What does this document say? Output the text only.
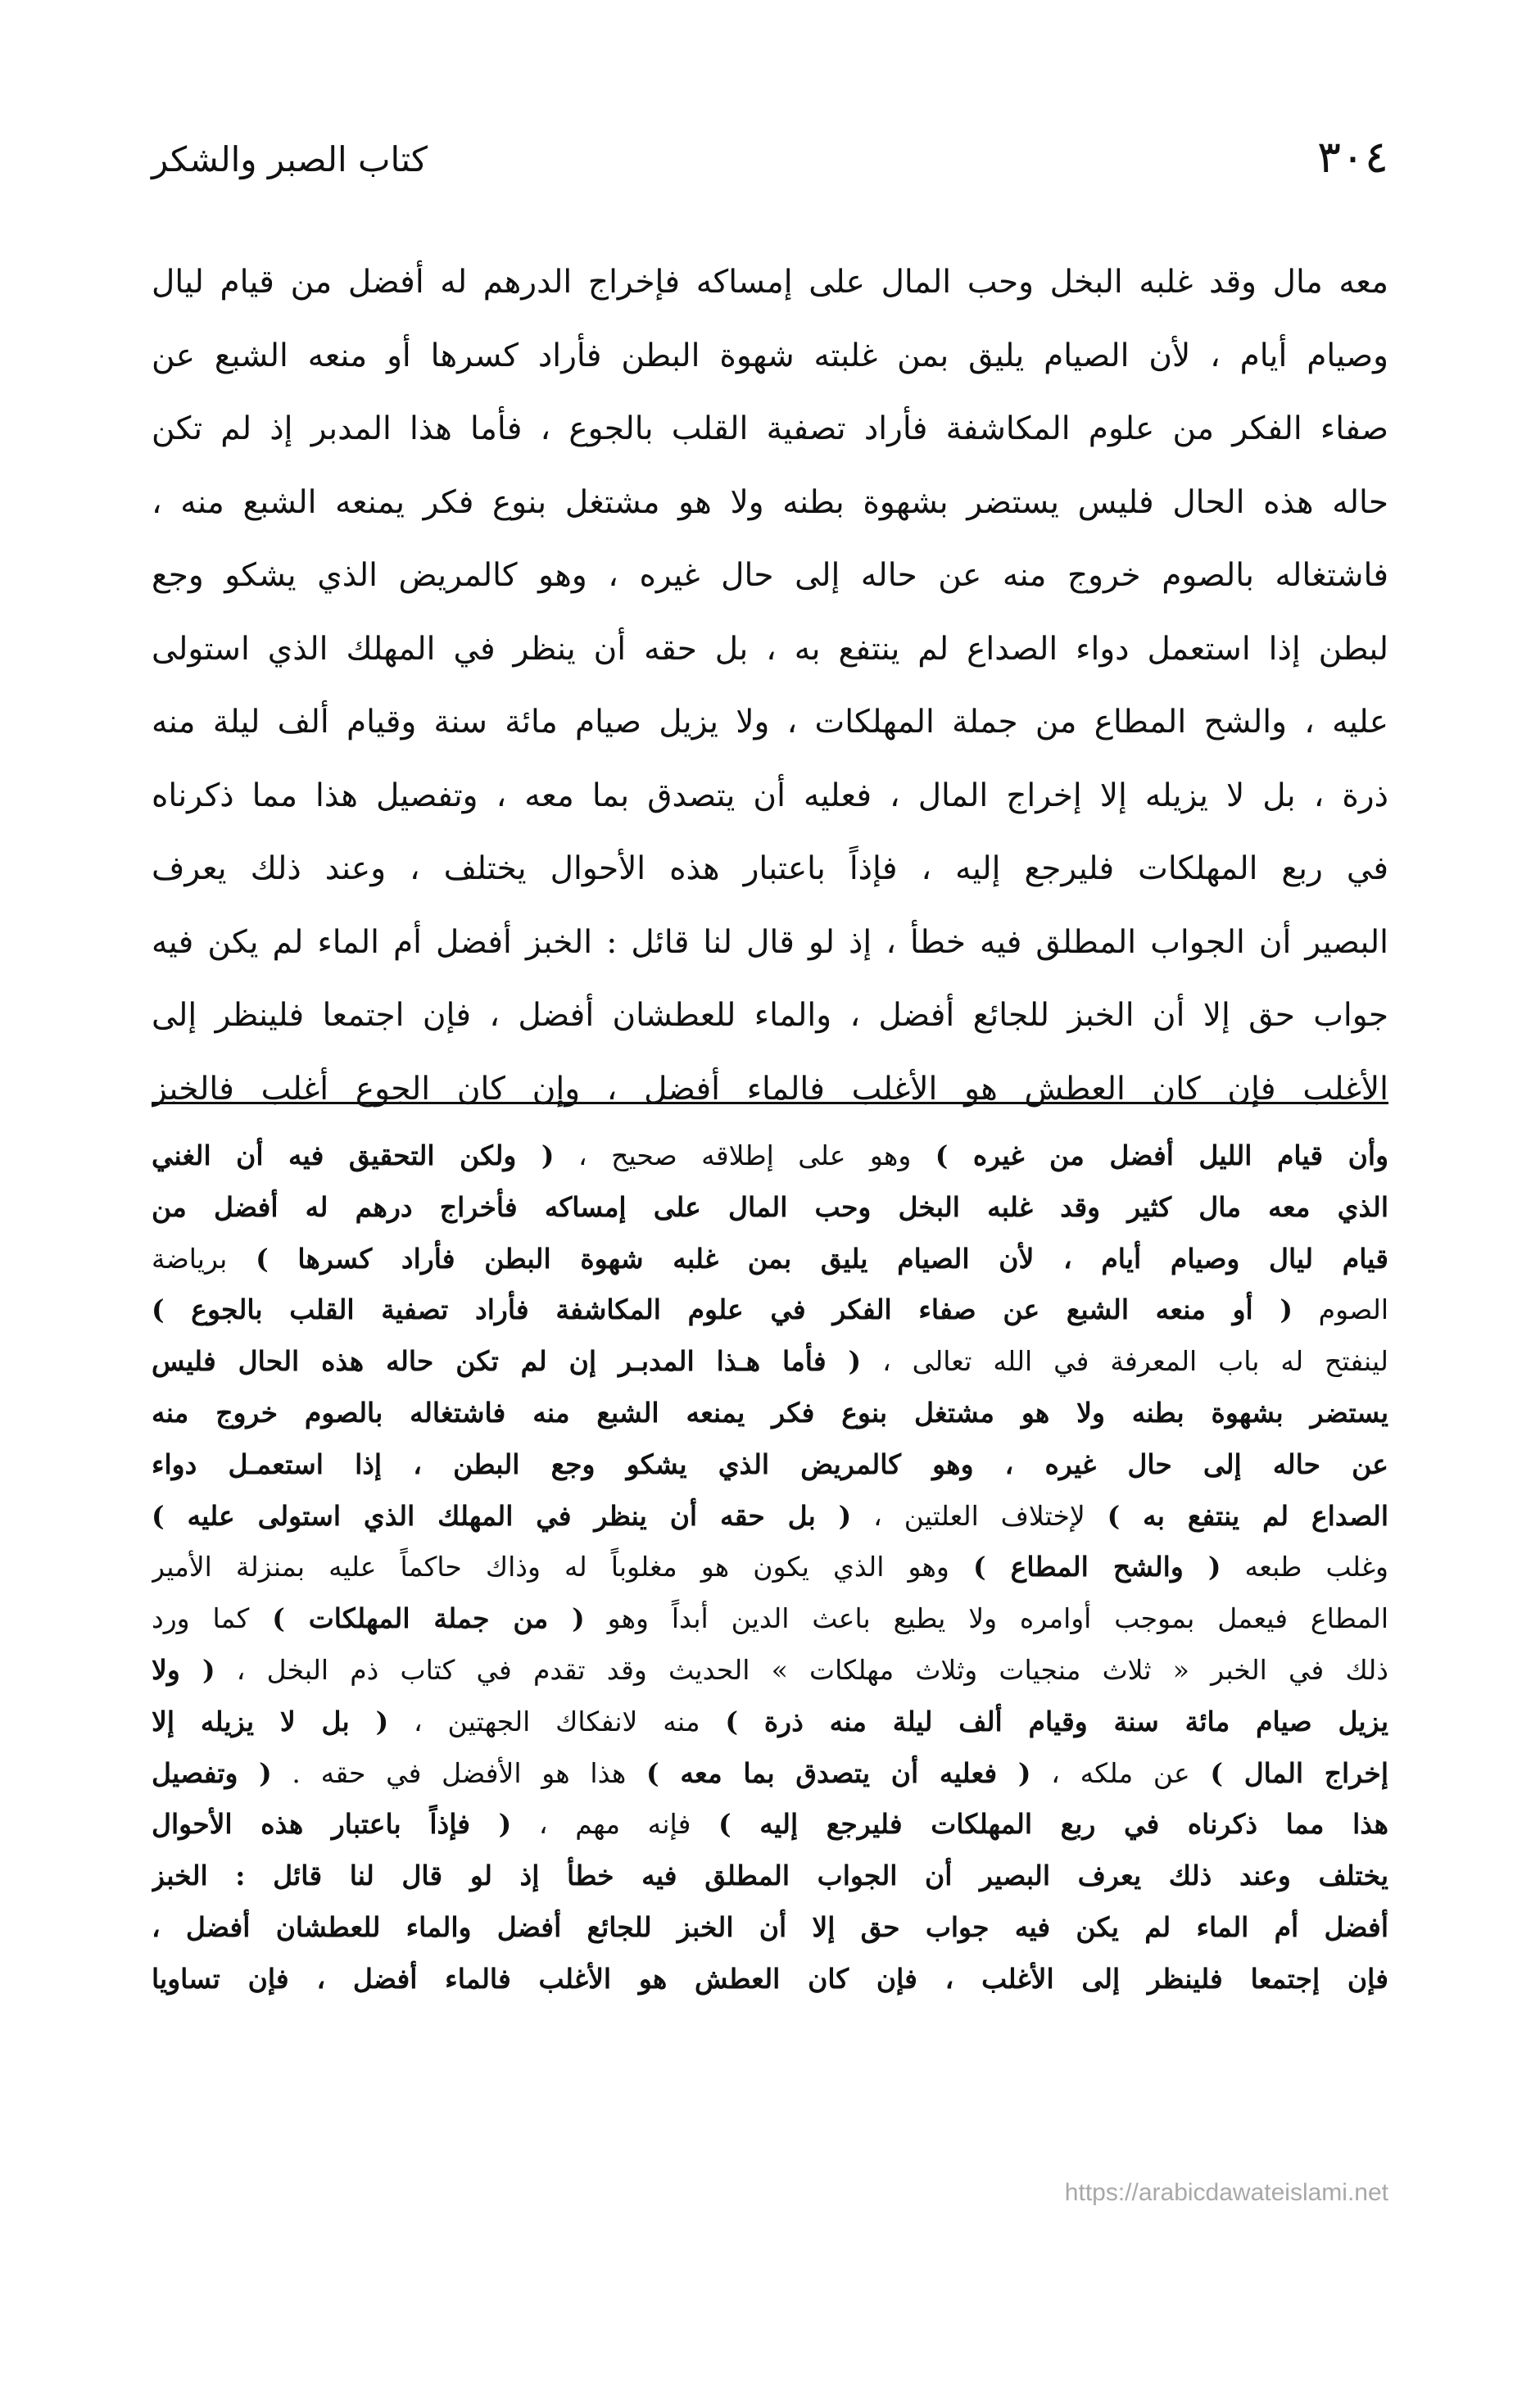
٣٠٤
كتاب الصبر والشكر
معه مال وقد غلبه البخل وحب المال على إمساكه فإخراج الدرهم له أفضل من قيام ليال
وصيام أيام ، لأن الصيام يليق بمن غلبته شهوة البطن فأراد كسرها أو منعه الشبع عن
صفاء الفكر من علوم المكاشفة فأراد تصفية القلب بالجوع ، فأما هذا المدبر إذ لم تكن
حاله هذه الحال فليس يستضر بشهوة بطنه ولا هو مشتغل بنوع فكر يمنعه الشبع منه ،
فاشتغاله بالصوم خروج منه عن حاله إلى حال غيره ، وهو كالمريض الذي يشكو وجع
لبطن إذا استعمل دواء الصداع لم ينتفع به ، بل حقه أن ينظر في المهلك الذي استولى
عليه ، والشح المطاع من جملة المهلكات ، ولا يزيل صيام مائة سنة وقيام ألف ليلة منه
ذرة ، بل لا يزيله إلا إخراج المال ، فعليه أن يتصدق بما معه ، وتفصيل هذا مما ذكرناه
في ربع المهلكات فليرجع إليه ، فإذاً باعتبار هذه الأحوال يختلف ، وعند ذلك يعرف
البصير أن الجواب المطلق فيه خطأ ، إذ لو قال لنا قائل : الخبز أفضل أم الماء لم يكن فيه
جواب حق إلا أن الخبز للجائع أفضل ، والماء للعطشان أفضل ، فإن اجتمعا فلينظر إلى
الأغلب فإن كان العطش هو الأغلب فالماء أفضل ، وإن كان الجوع أغلب فالخبز
وأن قيام الليل أفضل من غيره ) وهو على إطلاقه صحيح ، ( ولكن التحقيق فيه أن الغني
الذي معه مال كثير وقد غلبه البخل وحب المال على إمساكه فأخراج درهم له أفضل من
قيام ليال وصيام أيام ، لأن الصيام يليق بمن غلبه شهوة البطن فأراد كسرها ) برياضة
الصوم ( أو منعه الشبع عن صفاء الفكر في علوم المكاشفة فأراد تصفية القلب بالجوع )
لينفتح له باب المعرفة في الله تعالى ، ( فأما هـذا المدبـر إن لم تكن حاله هذه الحال فليس
يستضر بشهوة بطنه ولا هو مشتغل بنوع فكر يمنعه الشبع منه فاشتغاله بالصوم خروج منه
عن حاله إلى حال غيره ، وهو كالمريض الذي يشكو وجع البطن ، إذا استعمـل دواء
الصداع لم ينتفع به ) لإختلاف العلتين ، ( بل حقه أن ينظر في المهلك الذي استولى عليه )
وغلب طبعه ( والشح المطاع ) وهو الذي يكون هو مغلوباً له وذاك حاكماً عليه بمنزلة الأمير
المطاع فيعمل بموجب أوامره ولا يطيع باعث الدين أبداً وهو ( من جملة المهلكات ) كما ورد
ذلك في الخبر « ثلاث منجيات وثلاث مهلكات » الحديث وقد تقدم في كتاب ذم البخل ، ( ولا
يزيل صيام مائة سنة وقيام ألف ليلة منه ذرة ) منه لانفكاك الجهتين ، ( بل لا يزيله إلا
إخراج المال ) عن ملكه ، ( فعليه أن يتصدق بما معه ) هذا هو الأفضل في حقه . ( وتفصيل
هذا مما ذكرناه في ربع المهلكات فليرجع إليه ) فإنه مهم ، ( فإذاً باعتبار هذه الأحوال
يختلف وعند ذلك يعرف البصير أن الجواب المطلق فيه خطأ إذ لو قال لنا قائل : الخبز
أفضل أم الماء لم يكن فيه جواب حق إلا أن الخبز للجائع أفضل والماء للعطشان أفضل ،
فإن إجتمعا فلينظر إلى الأغلب ، فإن كان العطش هو الأغلب فالماء أفضل ، فإن تساويا
https://arabicdawateislami.net
